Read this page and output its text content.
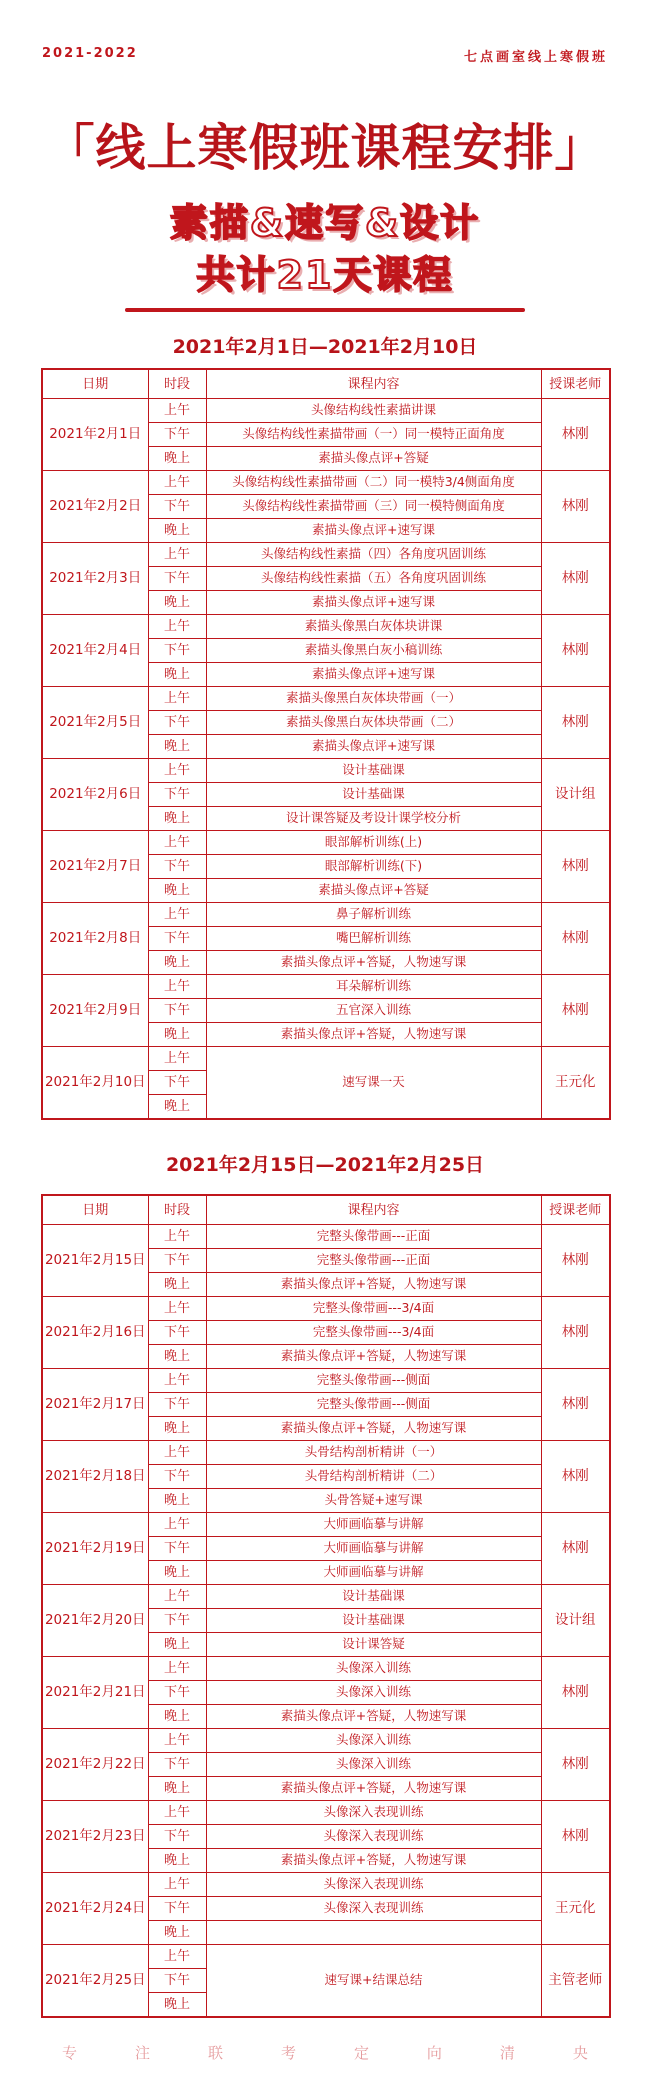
2021-2022	七点画室线上寒假班
「线上寒假班课程安排」
素描&速写&设计
共计21天课程
2021年2月1日—2021年2月10日
日期	时段	课程内容	授课老师
2021年2月1日	上午	头像结构线性素描讲课	林刚
	下午	头像结构线性素描带画（一）同一模特正面角度	
	晚上	素描头像点评+答疑	
2021年2月2日	上午	头像结构线性素描带画（二）同一模特3/4侧面角度	林刚
	下午	头像结构线性素描带画（三）同一模特侧面角度	
	晚上	素描头像点评+速写课	
2021年2月3日	上午	头像结构线性素描（四）各角度巩固训练	林刚
	下午	头像结构线性素描（五）各角度巩固训练	
	晚上	素描头像点评+速写课	
2021年2月4日	上午	素描头像黑白灰体块讲课	林刚
	下午	素描头像黑白灰小稿训练	
	晚上	素描头像点评+速写课	
2021年2月5日	上午	素描头像黑白灰体块带画（一）	林刚
	下午	素描头像黑白灰体块带画（二）	
	晚上	素描头像点评+速写课	
2021年2月6日	上午	设计基础课	设计组
	下午	设计基础课	
	晚上	设计课答疑及考设计课学校分析	
2021年2月7日	上午	眼部解析训练(上)	林刚
	下午	眼部解析训练(下)	
	晚上	素描头像点评+答疑	
2021年2月8日	上午	鼻子解析训练	林刚
	下午	嘴巴解析训练	
	晚上	素描头像点评+答疑，人物速写课	
2021年2月9日	上午	耳朵解析训练	林刚
	下午	五官深入训练	
	晚上	素描头像点评+答疑，人物速写课	
2021年2月10日	上午	速写课一天	王元化
	下午		
	晚上		
2021年2月15日—2021年2月25日
日期	时段	课程内容	授课老师
2021年2月15日	上午	完整头像带画---正面	林刚
	下午	完整头像带画---正面	
	晚上	素描头像点评+答疑，人物速写课	
2021年2月16日	上午	完整头像带画---3/4面	林刚
	下午	完整头像带画---3/4面	
	晚上	素描头像点评+答疑，人物速写课	
2021年2月17日	上午	完整头像带画---侧面	林刚
	下午	完整头像带画---侧面	
	晚上	素描头像点评+答疑，人物速写课	
2021年2月18日	上午	头骨结构剖析精讲（一）	林刚
	下午	头骨结构剖析精讲（二）	
	晚上	头骨答疑+速写课	
2021年2月19日	上午	大师画临摹与讲解	林刚
	下午	大师画临摹与讲解	
	晚上	大师画临摹与讲解	
2021年2月20日	上午	设计基础课	设计组
	下午	设计基础课	
	晚上	设计课答疑	
2021年2月21日	上午	头像深入训练	林刚
	下午	头像深入训练	
	晚上	素描头像点评+答疑，人物速写课	
2021年2月22日	上午	头像深入训练	林刚
	下午	头像深入训练	
	晚上	素描头像点评+答疑，人物速写课	
2021年2月23日	上午	头像深入表现训练	林刚
	下午	头像深入表现训练	
	晚上	素描头像点评+答疑，人物速写课	
2021年2月24日	上午	头像深入表现训练	王元化
	下午	头像深入表现训练	
	晚上		
2021年2月25日	上午	速写课+结课总结	主管老师
	下午		
	晚上		
专	注	联	考	定	向	清	央
